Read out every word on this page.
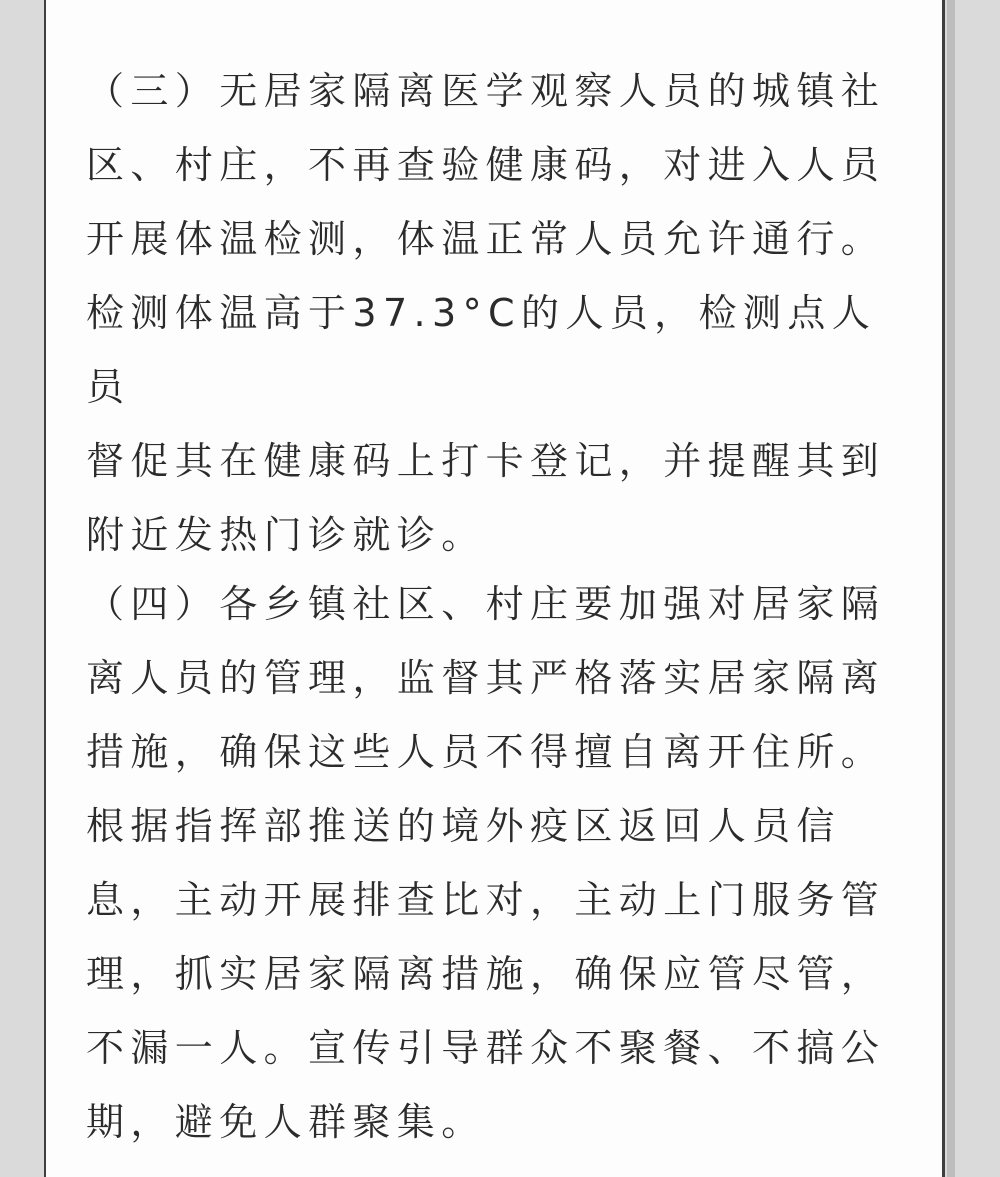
（三）无居家隔离医学观察人员的城镇社
区、村庄，不再查验健康码，对进入人员
开展体温检测，体温正常人员允许通行。
检测体温高于37.3°C的人员，检测点人员
督促其在健康码上打卡登记，并提醒其到
附近发热门诊就诊。

（四）各乡镇社区、村庄要加强对居家隔
离人员的管理，监督其严格落实居家隔离
措施，确保这些人员不得擅自离开住所。
根据指挥部推送的境外疫区返回人员信
息，主动开展排查比对，主动上门服务管
理，抓实居家隔离措施，确保应管尽管，
不漏一人。宣传引导群众不聚餐、不搞公
期，避免人群聚集。
